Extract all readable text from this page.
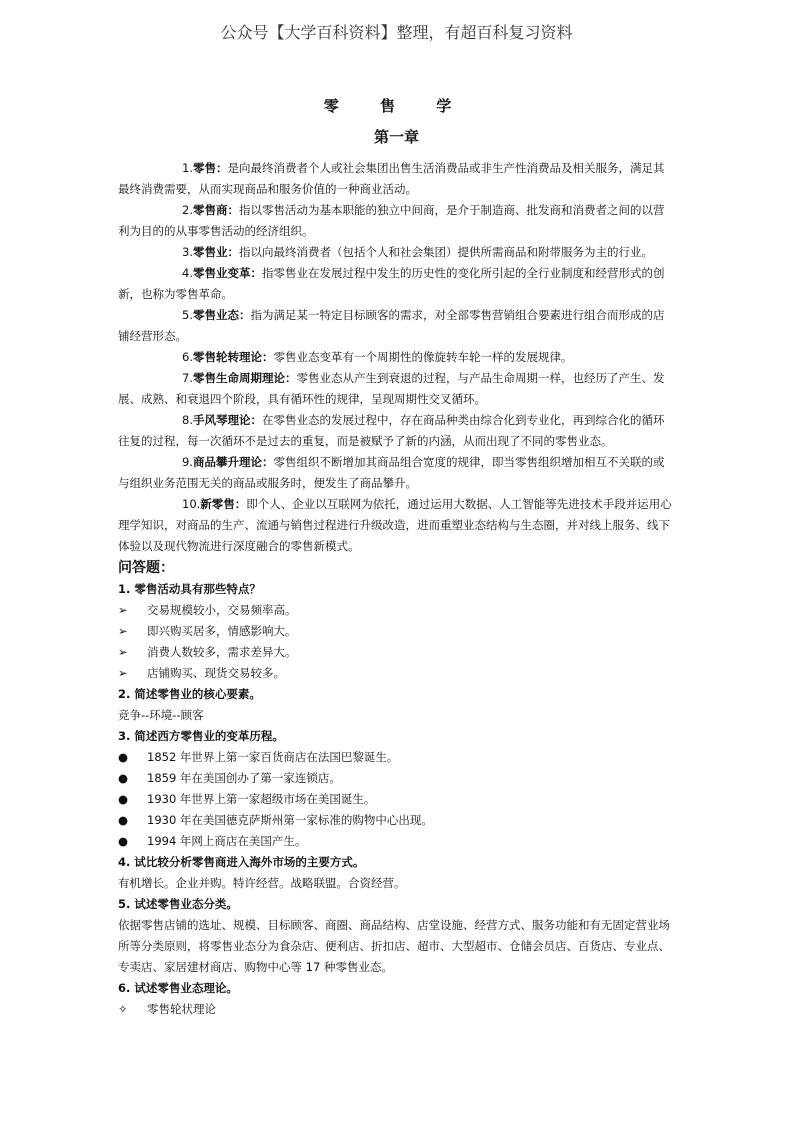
公众号【大学百科资料】整理，有超百科复习资料
零 售 学
第一章

1.零售：是向最终消费者个人或社会集团出售生活消费品或非生产性消费品及相关服务，满足其最终消费需要，从而实现商品和服务价值的一种商业活动。

2.零售商：指以零售活动为基本职能的独立中间商，是介于制造商、批发商和消费者之间的以营利为目的的从事零售活动的经济组织。

3.零售业：指以向最终消费者（包括个人和社会集团）提供所需商品和附带服务为主的行业。

4.零售业变革：指零售业在发展过程中发生的历史性的变化所引起的全行业制度和经营形式的创新，也称为零售革命。

5.零售业态：指为满足某一特定目标顾客的需求，对全部零售营销组合要素进行组合而形成的店铺经营形态。

6.零售轮转理论：零售业态变革有一个周期性的像旋转车轮一样的发展规律。

7.零售生命周期理论：零售业态从产生到衰退的过程，与产品生命周期一样，也经历了产生、发展、成熟、和衰退四个阶段，具有循环性的规律，呈现周期性交叉循环。

8.手风琴理论：在零售业态的发展过程中，存在商品种类由综合化到专业化，再到综合化的循环往复的过程，每一次循环不是过去的重复，而是被赋予了新的内涵，从而出现了不同的零售业态。

9.商品攀升理论：零售组织不断增加其商品组合宽度的规律，即当零售组织增加相互不关联的或与组织业务范围无关的商品或服务时，便发生了商品攀升。

10.新零售：即个人、企业以互联网为依托，通过运用大数据、人工智能等先进技术手段并运用心理学知识，对商品的生产、流通与销售过程进行升级改造，进而重塑业态结构与生态圈，并对线上服务、线下体验以及现代物流进行深度融合的零售新模式。

问答题：

1. 零售活动具有那些特点？

➢	交易规模较小，交易频率高。
➢	即兴购买居多，情感影响大。
➢	消费人数较多，需求差异大。
➢	店铺购买、现货交易较多。

2. 简述零售业的核心要素。

竞争--环境--顾客

3. 简述西方零售业的变革历程。

●	1852 年世界上第一家百货商店在法国巴黎诞生。
●	1859 年在美国创办了第一家连锁店。
●	1930 年世界上第一家超级市场在美国诞生。
●	1930 年在美国德克萨斯州第一家标准的购物中心出现。
●	1994 年网上商店在美国产生。

4. 试比较分析零售商进入海外市场的主要方式。

有机增长。企业并购。特许经营。战略联盟。合资经营。

5. 试述零售业态分类。

依据零售店铺的选址、规模、目标顾客、商圈、商品结构、店堂设施、经营方式、服务功能和有无固定营业场所等分类原则，将零售业态分为食杂店、便利店、折扣店、超市、大型超市、仓储会员店、百货店、专业点、专卖店、家居建材商店、购物中心等 17 种零售业态。

6. 试述零售业态理论。

✧	零售轮状理论
